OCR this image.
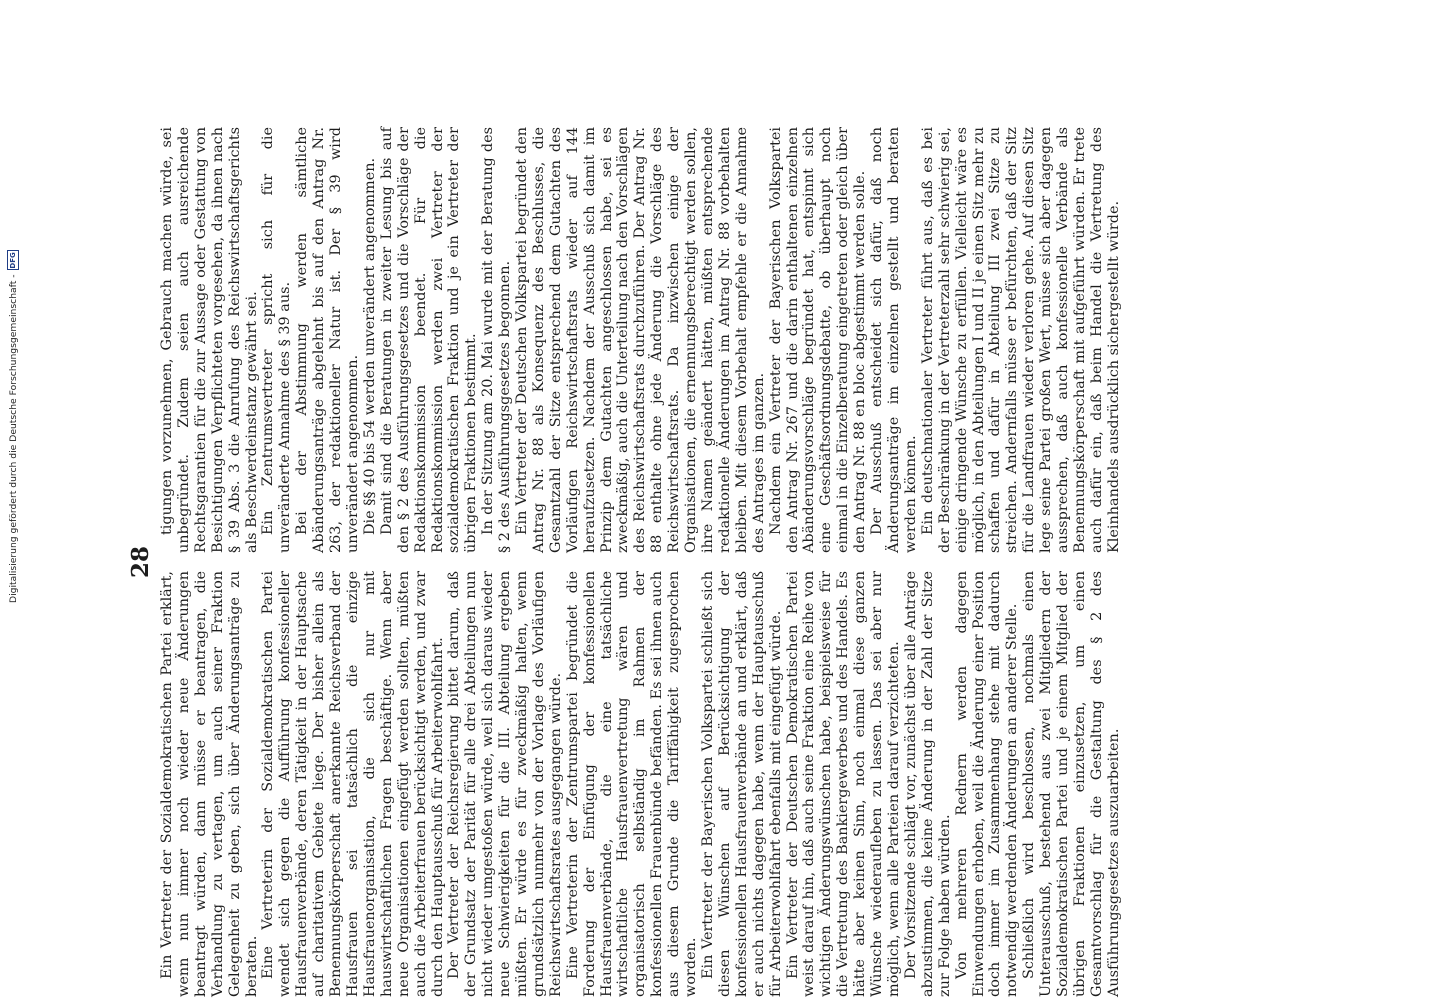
28

Ein Vertreter der Sozialdemokratischen Partei erklärt, wenn nun immer noch wieder neue Änderungen beantragt würden, dann müsse er beantragen, die Verhandlung zu vertagen, um auch seiner Fraktion Gelegenheit zu geben, sich über Änderungsanträge zu beraten. Eine Vertreterin der Sozialdemokratischen Partei wendet sich gegen die Aufführung konfessioneller Hausfrauenverbände, deren Tätigkeit in der Hauptsache auf charitativem Gebiete liege. Der bisher allein als Benennungskörperschaft anerkannte Reichsverband der Hausfrauen sei tatsächlich die einzige Hausfrauenorganisation, die sich nur mit hauswirtschaftlichen Fragen beschäftige. Wenn aber neue Organisationen eingefügt werden sollten, müßten auch die Arbeiterfrauen berücksichtigt werden, und zwar durch den Hauptausschuß für Arbeiterwohlfahrt. Der Vertreter der Reichsregierung bittet darum, daß der Grundsatz der Parität für alle drei Abteilungen nun nicht wieder umgestoßen würde, weil sich daraus wieder neue Schwierigkeiten für die III. Abteilung ergeben müßten. Er würde es für zweckmäßig halten, wenn grundsätzlich nunmehr von der Vorlage des Vorläufigen Reichswirtschaftsrates ausgegangen würde. Eine Vertreterin der Zentrumspartei begründet die Forderung der Einfügung der konfessionellen Hausfrauenverbände, die eine tatsächliche wirtschaftliche Hausfrauenvertretung wären und organisatorisch selbständig im Rahmen der konfessionellen Frauenbünde befänden. Es sei ihnen auch aus diesem Grunde die Tariffähigkeit zugesprochen worden. Ein Vertreter der Bayerischen Volkspartei schließt sich diesen Wünschen auf Berücksichtigung der konfessionellen Hausfrauenverbände an und erklärt, daß er auch nichts dagegen habe, wenn der Hauptausschuß für Arbeiterwohlfahrt ebenfalls mit eingefügt würde. Ein Vertreter der Deutschen Demokratischen Partei weist darauf hin, daß auch seine Fraktion eine Reihe von wichtigen Änderungswünschen habe, beispielsweise für die Vertretung des Bankiergewerbes und des Handels. Es hätte aber keinen Sinn, noch einmal diese ganzen Wünsche wiederaufleben zu lassen. Das sei aber nur möglich, wenn alle Parteien darauf verzichteten. Der Vorsitzende schlägt vor, zunächst über alle Anträge abzustimmen, die keine Änderung in der Zahl der Sitze zur Folge haben würden. Von mehreren Rednern werden dagegen Einwendungen erhoben, weil die Änderung einer Position doch immer im Zusammenhang stehe mit dadurch notwendig werdenden Änderungen an anderer Stelle. Schließlich wird beschlossen, nochmals einen Unterausschuß, bestehend aus zwei Mitgliedern der Sozialdemokratischen Partei und je einem Mitglied der übrigen Fraktionen einzusetzen, um einen Gesamtvorschlag für die Gestaltung des § 2 des Ausführungsgesetzes auszuarbeiten.

tigungen vorzunehmen, Gebrauch machen würde, sei unbegründet. Zudem seien auch ausreichende Rechtsgarantien für die zur Aussage oder Gestattung von Besichtigungen Verpflichteten vorgesehen, da ihnen nach § 39 Abs. 3 die Anrufung des Reichswirtschaftsgerichts als Beschwerdeinstanz gewährt sei. Ein Zentrumsvertreter spricht sich für die unveränderte Annahme des § 39 aus. Bei der Abstimmung werden sämtliche Abänderungsanträge abgelehnt bis auf den Antrag Nr. 263, der redaktioneller Natur ist. Der § 39 wird unverändert angenommen. Die §§ 40 bis 54 werden unverändert angenommen. Damit sind die Beratungen in zweiter Lesung bis auf den § 2 des Ausführungsgesetzes und die Vorschläge der Redaktionskommission beendet. Für die Redaktionskommission werden zwei Vertreter der sozialdemokratischen Fraktion und je ein Vertreter der übrigen Fraktionen bestimmt. In der Sitzung am 20. Mai wurde mit der Beratung des § 2 des Ausführungsgesetzes begonnen. Ein Vertreter der Deutschen Volkspartei begründet den Antrag Nr. 88 als Konsequenz des Beschlusses, die Gesamtzahl der Sitze entsprechend dem Gutachten des Vorläufigen Reichswirtschaftsrats wieder auf 144 heraufzusetzen. Nachdem der Ausschuß sich damit im Prinzip dem Gutachten angeschlossen habe, sei es zweckmäßig, auch die Unterteilung nach den Vorschlägen des Reichswirtschaftsrats durchzuführen. Der Antrag Nr. 88 enthalte ohne jede Änderung die Vorschläge des Reichswirtschaftsrats. Da inzwischen einige der Organisationen, die ernennungsberechtigt werden sollen, ihre Namen geändert hätten, müßten entsprechende redaktionelle Änderungen im Antrag Nr. 88 vorbehalten bleiben. Mit diesem Vorbehalt empfehle er die Annahme des Antrages im ganzen. Nachdem ein Vertreter der Bayerischen Volkspartei den Antrag Nr. 267 und die darin enthaltenen einzelnen Abänderungsvorschläge begründet hat, entspinnt sich eine Geschäftsordnungsdebatte, ob überhaupt noch einmal in die Einzelberatung eingetreten oder gleich über den Antrag Nr. 88 en bloc abgestimmt werden solle. Der Ausschuß entscheidet sich dafür, daß noch Änderungsanträge im einzelnen gestellt und beraten werden können. Ein deutschnationaler Vertreter führt aus, daß es bei der Beschränkung in der Vertreterzahl sehr schwierig sei, einige dringende Wünsche zu erfüllen. Vielleicht wäre es möglich, in den Abteilungen I und II je einen Sitz mehr zu schaffen und dafür in Abteilung III zwei Sitze zu streichen. Andernfalls müsse er befürchten, daß der Sitz für die Landfrauen wieder verloren gehe. Auf diesen Sitz lege seine Partei großen Wert, müsse sich aber dagegen aussprechen, daß auch konfessionelle Verbände als Benennungskörperschaft mit aufgeführt würden. Er trete auch dafür ein, daß beim Handel die Vertretung des Kleinhandels ausdrücklich sichergestellt würde.

Digitalisierung gefördert durch die Deutsche Forschungsgemeinschaft -
DFG
